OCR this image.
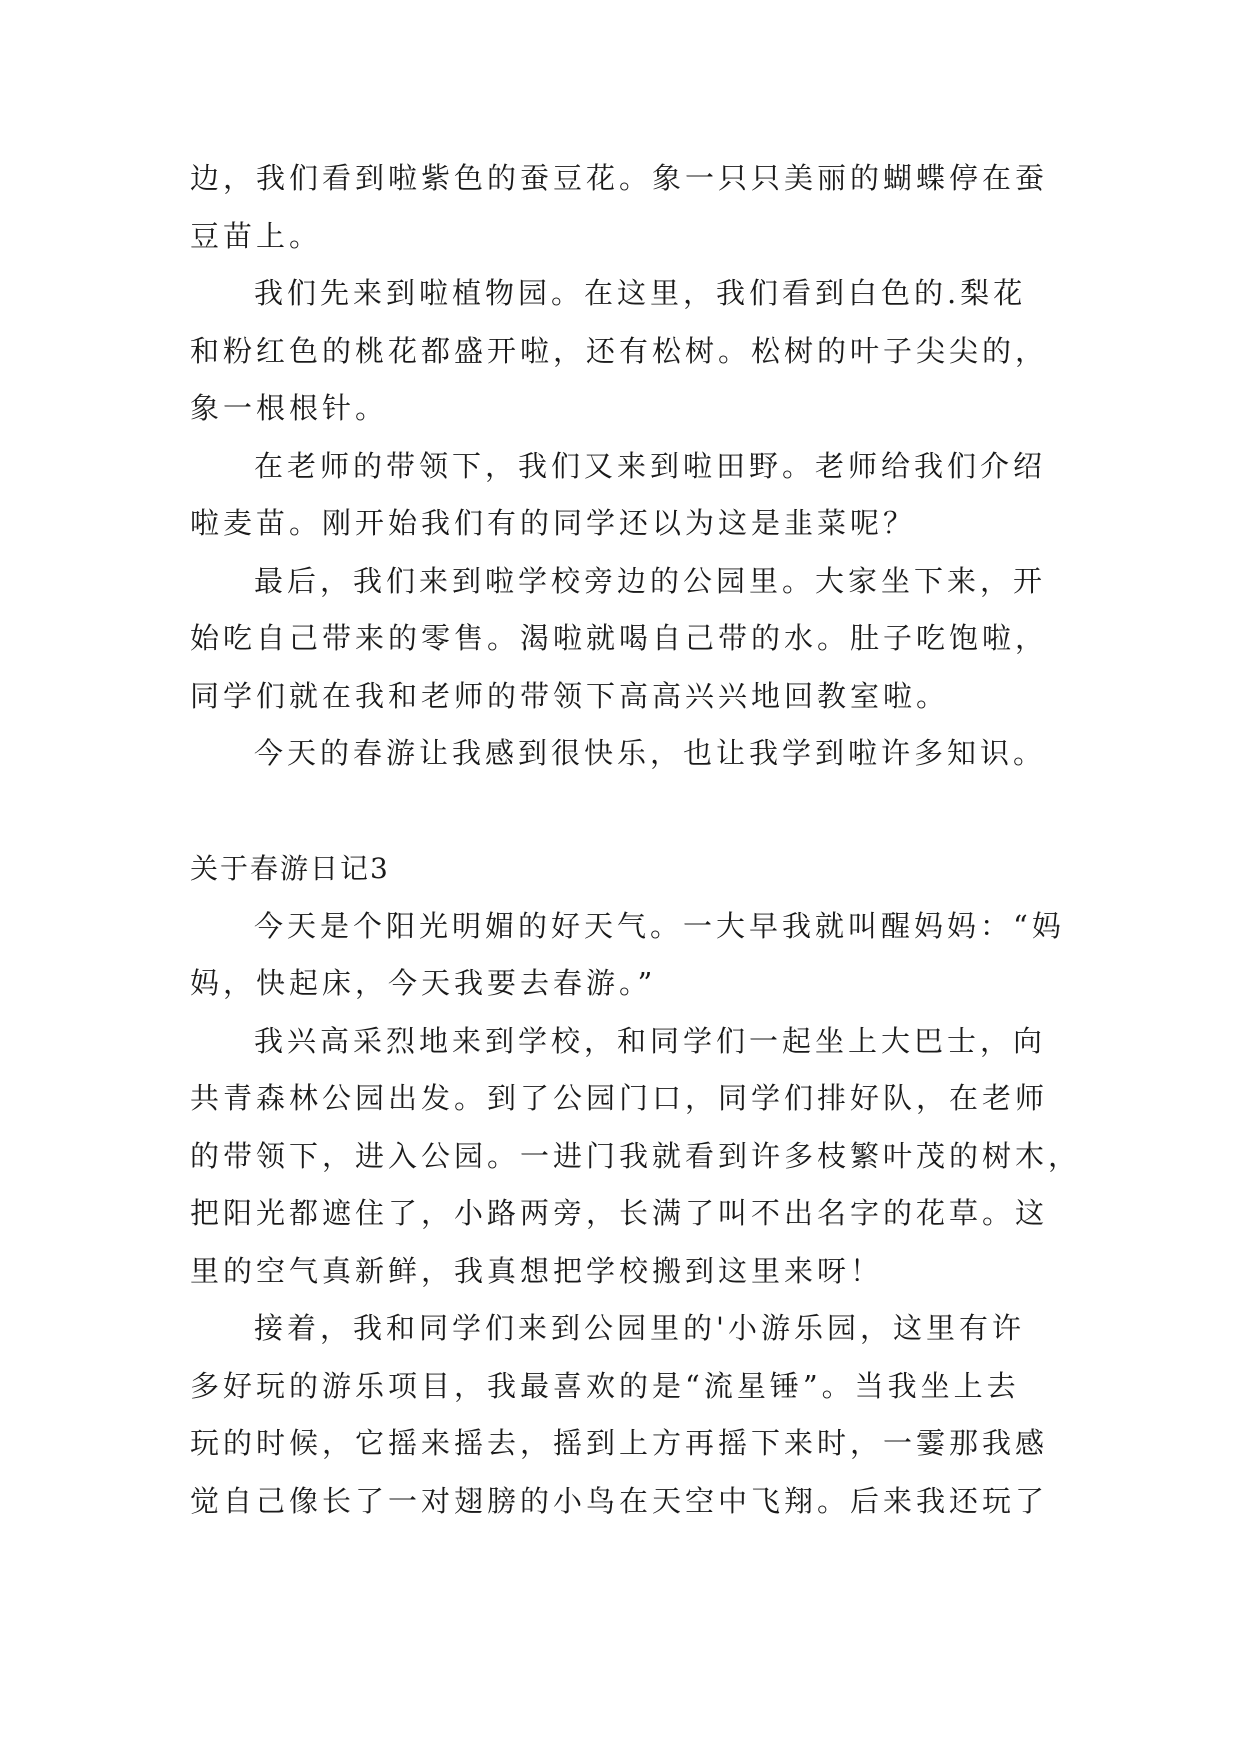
边，我们看到啦紫色的蚕豆花。象一只只美丽的蝴蝶停在蚕
豆苗上。
我们先来到啦植物园。在这里，我们看到白色的.梨花
和粉红色的桃花都盛开啦，还有松树。松树的叶子尖尖的，
象一根根针。
在老师的带领下，我们又来到啦田野。老师给我们介绍
啦麦苗。刚开始我们有的同学还以为这是韭菜呢？
最后，我们来到啦学校旁边的公园里。大家坐下来，开
始吃自己带来的零售。渴啦就喝自己带的水。肚子吃饱啦，
同学们就在我和老师的带领下高高兴兴地回教室啦。
今天的春游让我感到很快乐，也让我学到啦许多知识。
关于春游日记3
今天是个阳光明媚的好天气。一大早我就叫醒妈妈：“妈
妈，快起床，今天我要去春游。”
我兴高采烈地来到学校，和同学们一起坐上大巴士，向
共青森林公园出发。到了公园门口，同学们排好队，在老师
的带领下，进入公园。一进门我就看到许多枝繁叶茂的树木，
把阳光都遮住了，小路两旁，长满了叫不出名字的花草。这
里的空气真新鲜，我真想把学校搬到这里来呀！
接着，我和同学们来到公园里的'小游乐园，这里有许
多好玩的游乐项目，我最喜欢的是“流星锤”。当我坐上去
玩的时候，它摇来摇去，摇到上方再摇下来时，一霎那我感
觉自己像长了一对翅膀的小鸟在天空中飞翔。后来我还玩了
